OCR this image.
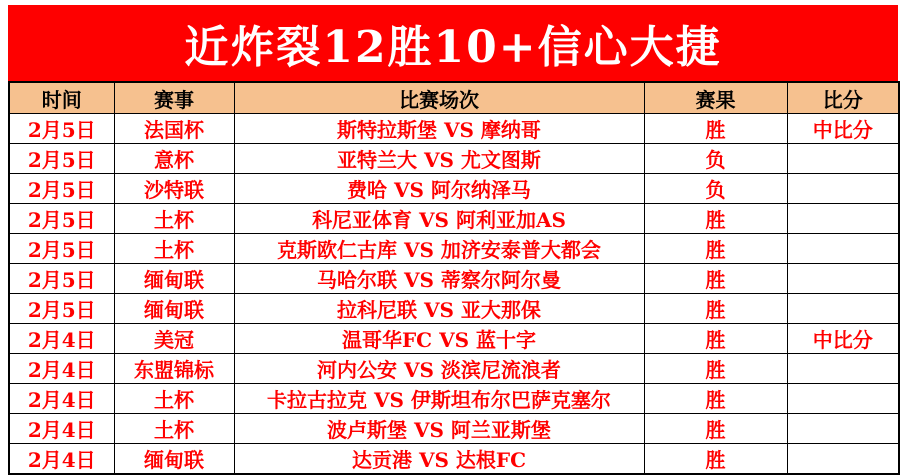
近炸裂12胜10+信心大捷
时间	赛事	比赛场次	赛果	比分
2月5日	法国杯	斯特拉斯堡 VS 摩纳哥	胜	中比分
2月5日	意杯	亚特兰大 VS 尤文图斯	负	
2月5日	沙特联	费哈 VS 阿尔纳泽马	负	
2月5日	土杯	科尼亚体育 VS 阿利亚加AS	胜	
2月5日	土杯	克斯欧仁古库 VS 加济安泰普大都会	胜	
2月5日	缅甸联	马哈尔联 VS 蒂察尔阿尔曼	胜	
2月5日	缅甸联	拉科尼联 VS 亚大那保	胜	
2月4日	美冠	温哥华FC VS 蓝十字	胜	中比分
2月4日	东盟锦标	河内公安 VS 淡滨尼流浪者	胜	
2月4日	土杯	卡拉古拉克 VS 伊斯坦布尔巴萨克塞尔	胜	
2月4日	土杯	波卢斯堡 VS 阿兰亚斯堡	胜	
2月4日	缅甸联	达贡港 VS 达根FC	胜	
